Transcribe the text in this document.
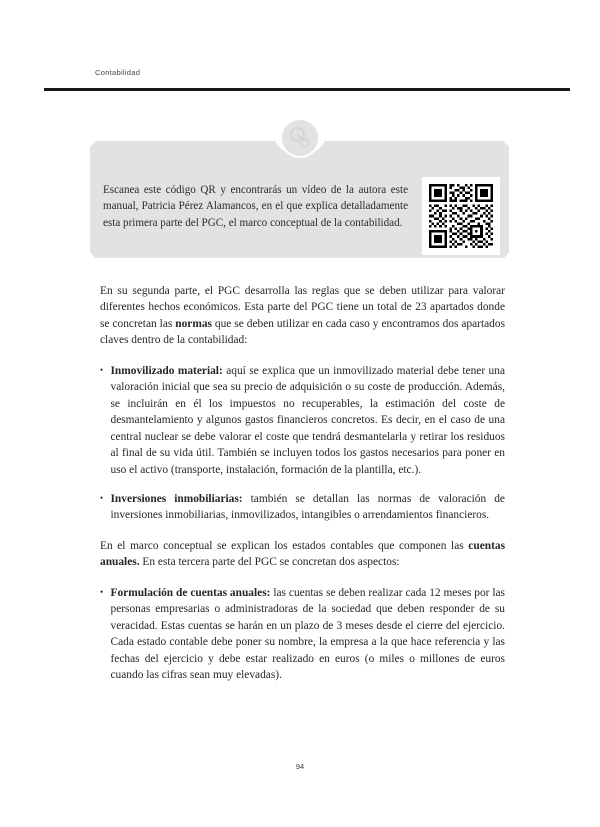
Contabilidad
Escanea este código QR y encontrarás un vídeo de la autora este manual, Patricia Pérez Alamancos, en el que explica detalladamente esta primera parte del PGC, el marco conceptual de la contabilidad.

En su segunda parte, el PGC desarrolla las reglas que se deben utilizar para valorar diferentes hechos económicos. Esta parte del PGC tiene un total de 23 apartados donde se concretan las normas que se deben utilizar en cada caso y encontramos dos apartados claves dentro de la contabilidad:

• Inmovilizado material: aquí se explica que un inmovilizado material debe tener una valoración inicial que sea su precio de adquisición o su coste de producción. Además, se incluirán en él los impuestos no recuperables, la estimación del coste de desmantelamiento y algunos gastos financieros concretos. Es decir, en el caso de una central nuclear se debe valorar el coste que tendrá desmantelarla y retirar los residuos al final de su vida útil. También se incluyen todos los gastos necesarios para poner en uso el activo (transporte, instalación, formación de la plantilla, etc.).
• Inversiones inmobiliarias: también se detallan las normas de valoración de inversiones inmobiliarias, inmovilizados, intangibles o arrendamientos financieros.

En el marco conceptual se explican los estados contables que componen las cuentas anuales. En esta tercera parte del PGC se concretan dos aspectos:

• Formulación de cuentas anuales: las cuentas se deben realizar cada 12 meses por las personas empresarias o administradoras de la sociedad que deben responder de su veracidad. Estas cuentas se harán en un plazo de 3 meses desde el cierre del ejercicio. Cada estado contable debe poner su nombre, la empresa a la que hace referencia y las fechas del ejercicio y debe estar realizado en euros (o miles o millones de euros cuando las cifras sean muy elevadas).
94
